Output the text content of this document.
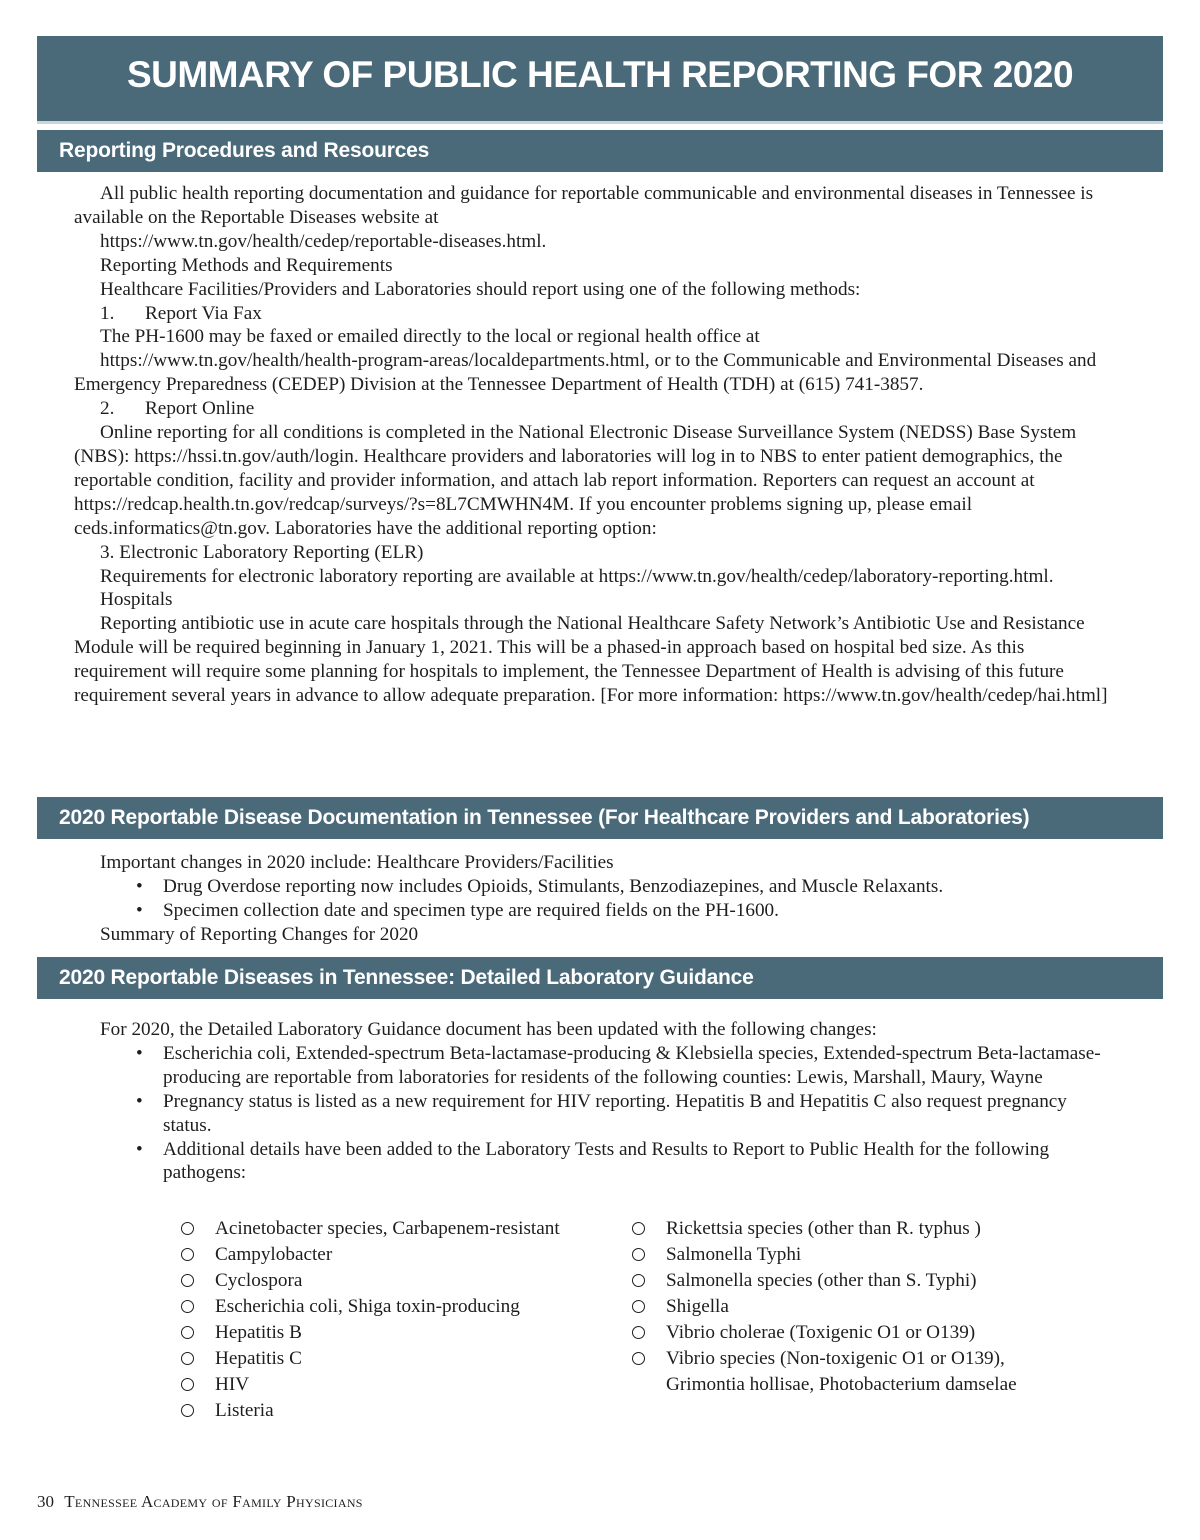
SUMMARY OF PUBLIC HEALTH REPORTING FOR 2020
Reporting Procedures and Resources

All public health reporting documentation and guidance for reportable communicable and environmental diseases in Tennessee is available on the Reportable Diseases website at

https://www.tn.gov/health/cedep/reportable-diseases.html.

Reporting Methods and Requirements

Healthcare Facilities/Providers and Laboratories should report using one of the following methods:

1. Report Via Fax

The PH-1600 may be faxed or emailed directly to the local or regional health office at

https://www.tn.gov/health/health-program-areas/localdepartments.html, or to the Communicable and Environmental Diseases and Emergency Preparedness (CEDEP) Division at the Tennessee Department of Health (TDH) at (615) 741-3857.

2. Report Online

Online reporting for all conditions is completed in the National Electronic Disease Surveillance System (NEDSS) Base System (NBS): https://hssi.tn.gov/auth/login. Healthcare providers and laboratories will log in to NBS to enter patient demographics, the reportable condition, facility and provider information, and attach lab report information. Reporters can request an account at https://redcap.health.tn.gov/redcap/surveys/?s=8L7CMWHN4M. If you encounter problems signing up, please email ceds.informatics@tn.gov. Laboratories have the additional reporting option:

3. Electronic Laboratory Reporting (ELR)

Requirements for electronic laboratory reporting are available at https://www.tn.gov/health/cedep/laboratory-reporting.html.

Hospitals

Reporting antibiotic use in acute care hospitals through the National Healthcare Safety Network’s Antibiotic Use and Resistance Module will be required beginning in January 1, 2021. This will be a phased-in approach based on hospital bed size. As this requirement will require some planning for hospitals to implement, the Tennessee Department of Health is advising of this future requirement several years in advance to allow adequate preparation. [For more information: https://www.tn.gov/health/cedep/hai.html]

2020 Reportable Disease Documentation in Tennessee (For Healthcare Providers and Laboratories)

Important changes in 2020 include: Healthcare Providers/Facilities

• Drug Overdose reporting now includes Opioids, Stimulants, Benzodiazepines, and Muscle Relaxants.
• Specimen collection date and specimen type are required fields on the PH-1600.

Summary of Reporting Changes for 2020

2020 Reportable Diseases in Tennessee: Detailed Laboratory Guidance

For 2020, the Detailed Laboratory Guidance document has been updated with the following changes:

• Escherichia coli, Extended-spectrum Beta-lactamase-producing & Klebsiella species, Extended-spectrum Beta-lactamase-producing are reportable from laboratories for residents of the following counties: Lewis, Marshall, Maury, Wayne
• Pregnancy status is listed as a new requirement for HIV reporting. Hepatitis B and Hepatitis C also request pregnancy status.
• Additional details have been added to the Laboratory Tests and Results to Report to Public Health for the following pathogens:
Acinetobacter species, Carbapenem-resistant
Campylobacter
Cyclospora
Escherichia coli, Shiga toxin-producing
Hepatitis B
Hepatitis C
HIV
Listeria
Rickettsia species (other than R. typhus )
Salmonella Typhi
Salmonella species (other than S. Typhi)
Shigella
Vibrio cholerae (Toxigenic O1 or O139)
Vibrio species (Non-toxigenic O1 or O139), Grimontia hollisae, Photobacterium damselae
30 Tennessee Academy of Family Physicians
